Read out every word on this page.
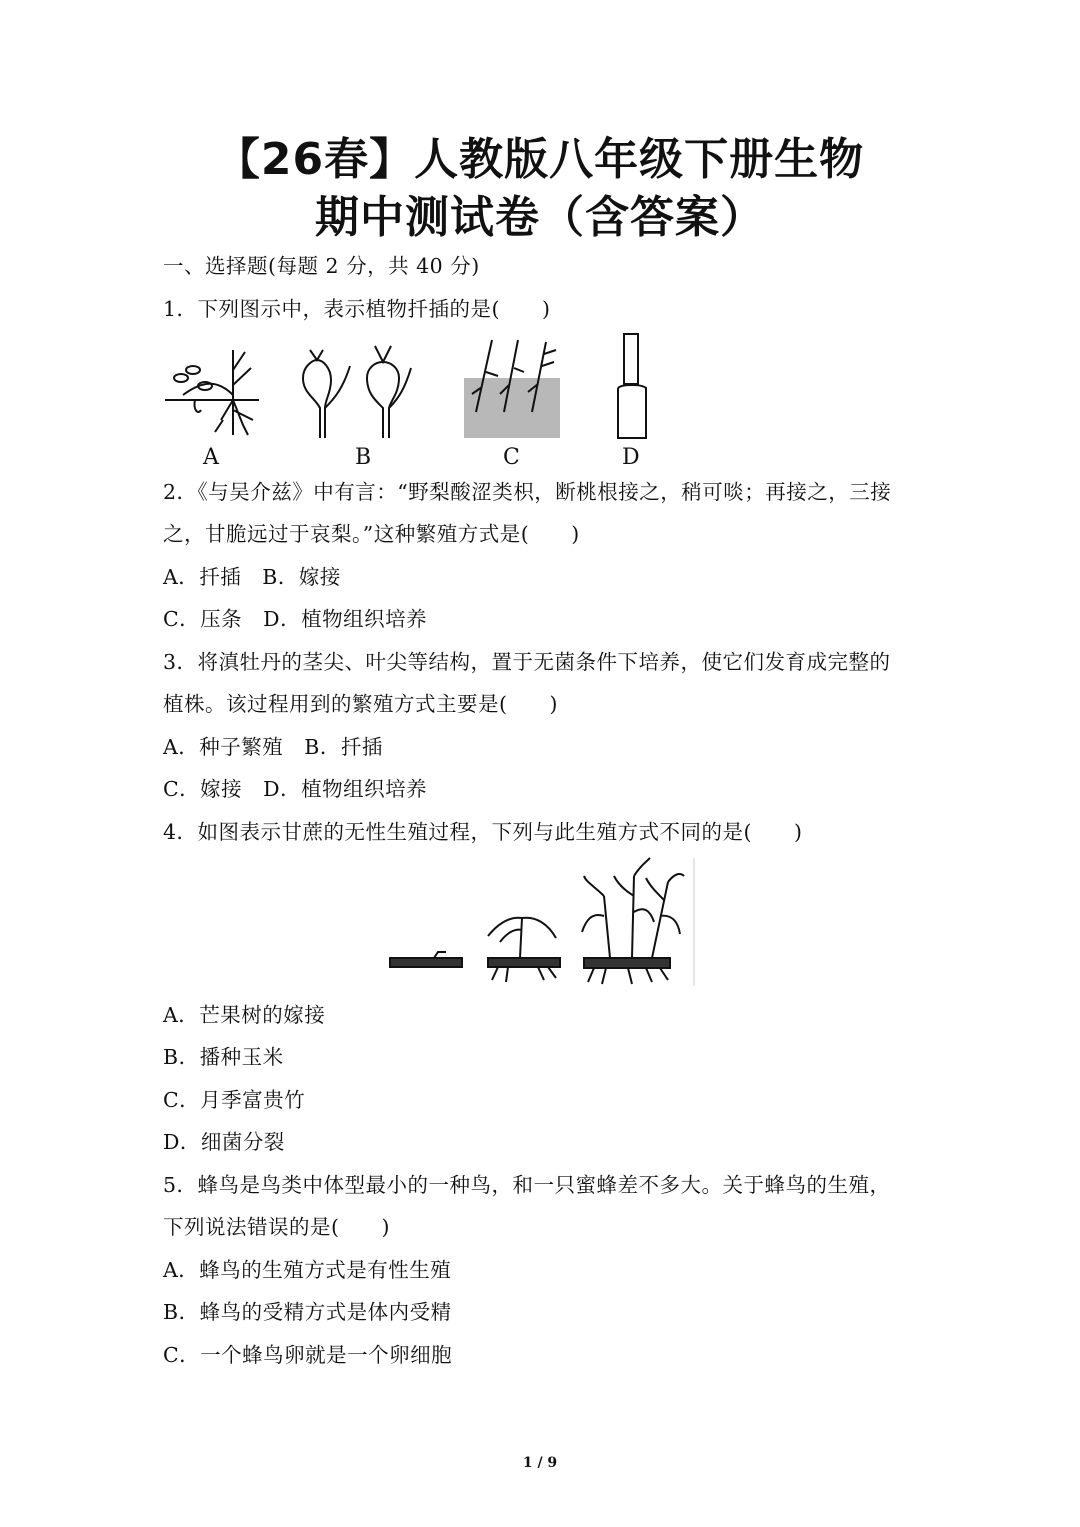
【26春】人教版八年级下册生物
期中测试卷（含答案）
一、选择题(每题 2 分，共 40 分)
1．下列图示中，表示植物扦插的是(　　)
A	B	C	D
2．《与吴介兹》中有言：“野梨酸涩类枳，断桃根接之，稍可啖；再接之，三接
之，甘脆远过于哀梨。”这种繁殖方式是(　　)
A．扦插　B．嫁接
C．压条　D．植物组织培养
3．将滇牡丹的茎尖、叶尖等结构，置于无菌条件下培养，使它们发育成完整的
植株。该过程用到的繁殖方式主要是(　　)
A．种子繁殖　B．扦插
C．嫁接　D．植物组织培养
4．如图表示甘蔗的无性生殖过程，下列与此生殖方式不同的是(　　)
A．芒果树的嫁接
B．播种玉米
C．月季富贵竹
D．细菌分裂
5．蜂鸟是鸟类中体型最小的一种鸟，和一只蜜蜂差不多大。关于蜂鸟的生殖，
下列说法错误的是(　　)
A．蜂鸟的生殖方式是有性生殖
B．蜂鸟的受精方式是体内受精
C．一个蜂鸟卵就是一个卵细胞
1 / 9
